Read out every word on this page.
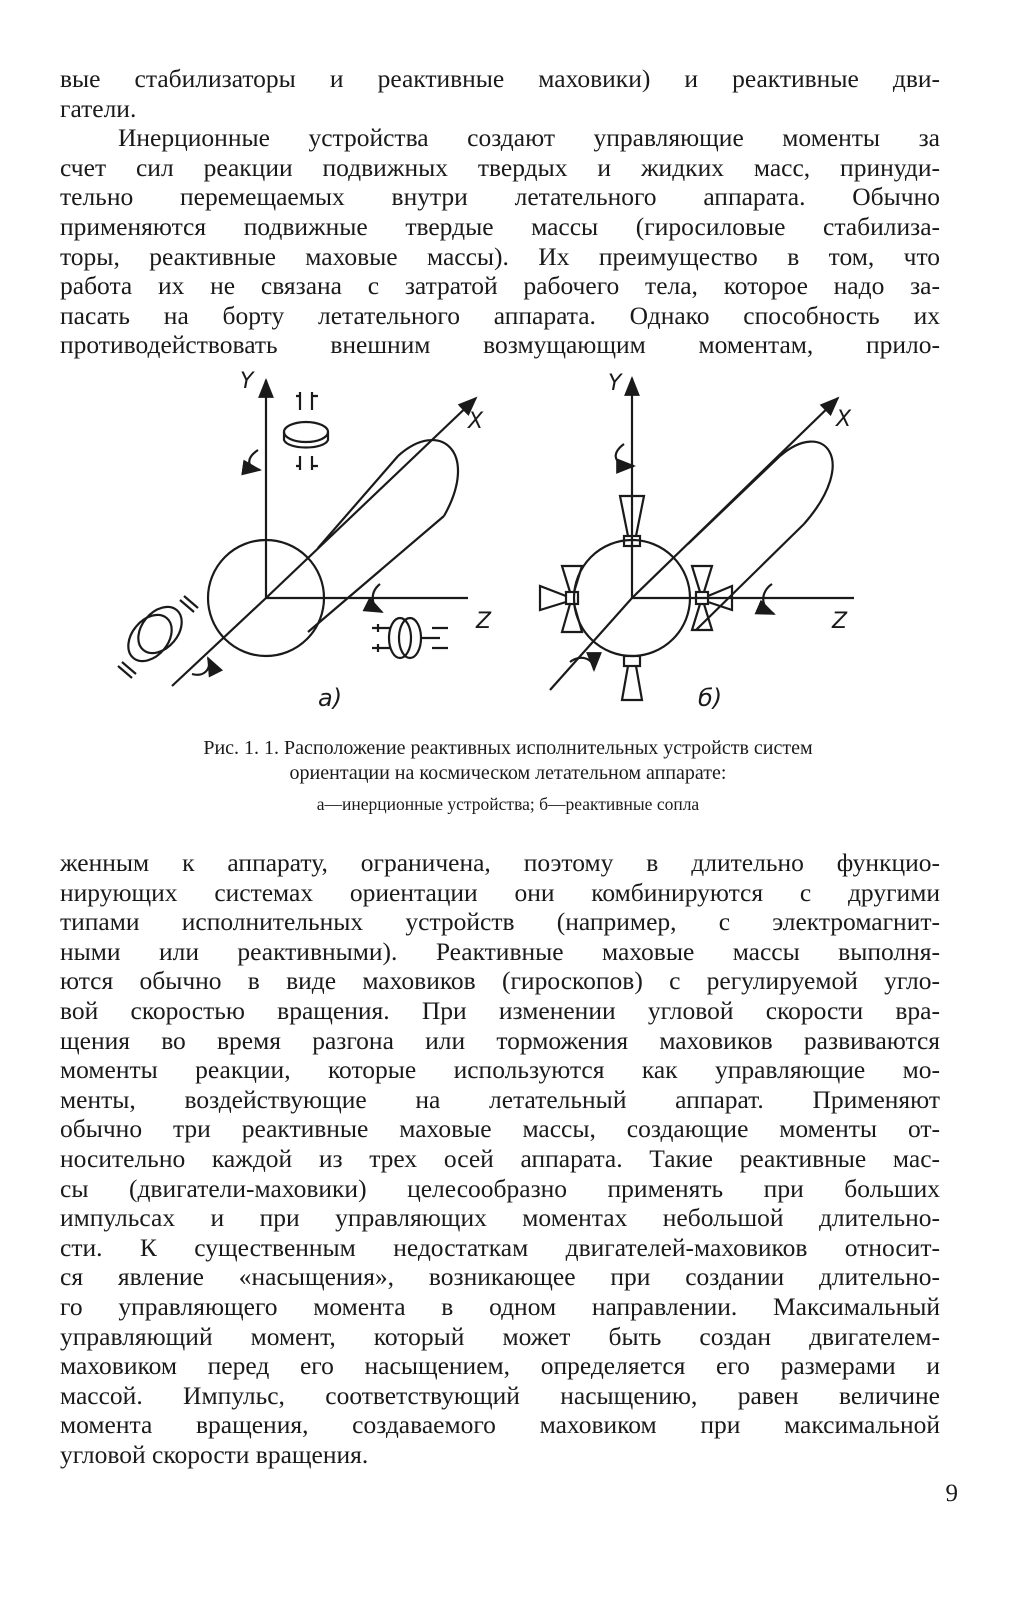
вые стабилизаторы и реактивные маховики) и реактивные дви-
гатели.
Инерционные устройства создают управляющие моменты за
счет сил реакции подвижных твердых и жидких масс, принуди-
тельно перемещаемых внутри летательного аппарата. Обычно
применяются подвижные твердые массы (гиросиловые стабилиза-
торы, реактивные маховые массы). Их преимущество в том, что
работа их не связана с затратой рабочего тела, которое надо за-
пасать на борту летательного аппарата. Однако способность их
противодействовать внешним возмущающим моментам, прило-
Y
X
Z
а)
Y
X
Z
б)
Рис. 1. 1. Расположение реактивных исполнительных устройств систем
ориентации на космическом летательном аппарате:
а—инерционные устройства; б—реактивные сопла
женным к аппарату, ограничена, поэтому в длительно функцио-
нирующих системах ориентации они комбинируются с другими
типами исполнительных устройств (например, с электромагнит-
ными или реактивными). Реактивные маховые массы выполня-
ются обычно в виде маховиков (гироскопов) с регулируемой угло-
вой скоростью вращения. При изменении угловой скорости вра-
щения во время разгона или торможения маховиков развиваются
моменты реакции, которые используются как управляющие мо-
менты, воздействующие на летательный аппарат. Применяют
обычно три реактивные маховые массы, создающие моменты от-
носительно каждой из трех осей аппарата. Такие реактивные мас-
сы (двигатели-маховики) целесообразно применять при больших
импульсах и при управляющих моментах небольшой длительно-
сти. К существенным недостаткам двигателей-маховиков относит-
ся явление «насыщения», возникающее при создании длительно-
го управляющего момента в одном направлении. Максимальный
управляющий момент, который может быть создан двигателем-
маховиком перед его насыщением, определяется его размерами и
массой. Импульс, соответствующий насыщению, равен величине
момента вращения, создаваемого маховиком при максимальной
угловой скорости вращения.
9
